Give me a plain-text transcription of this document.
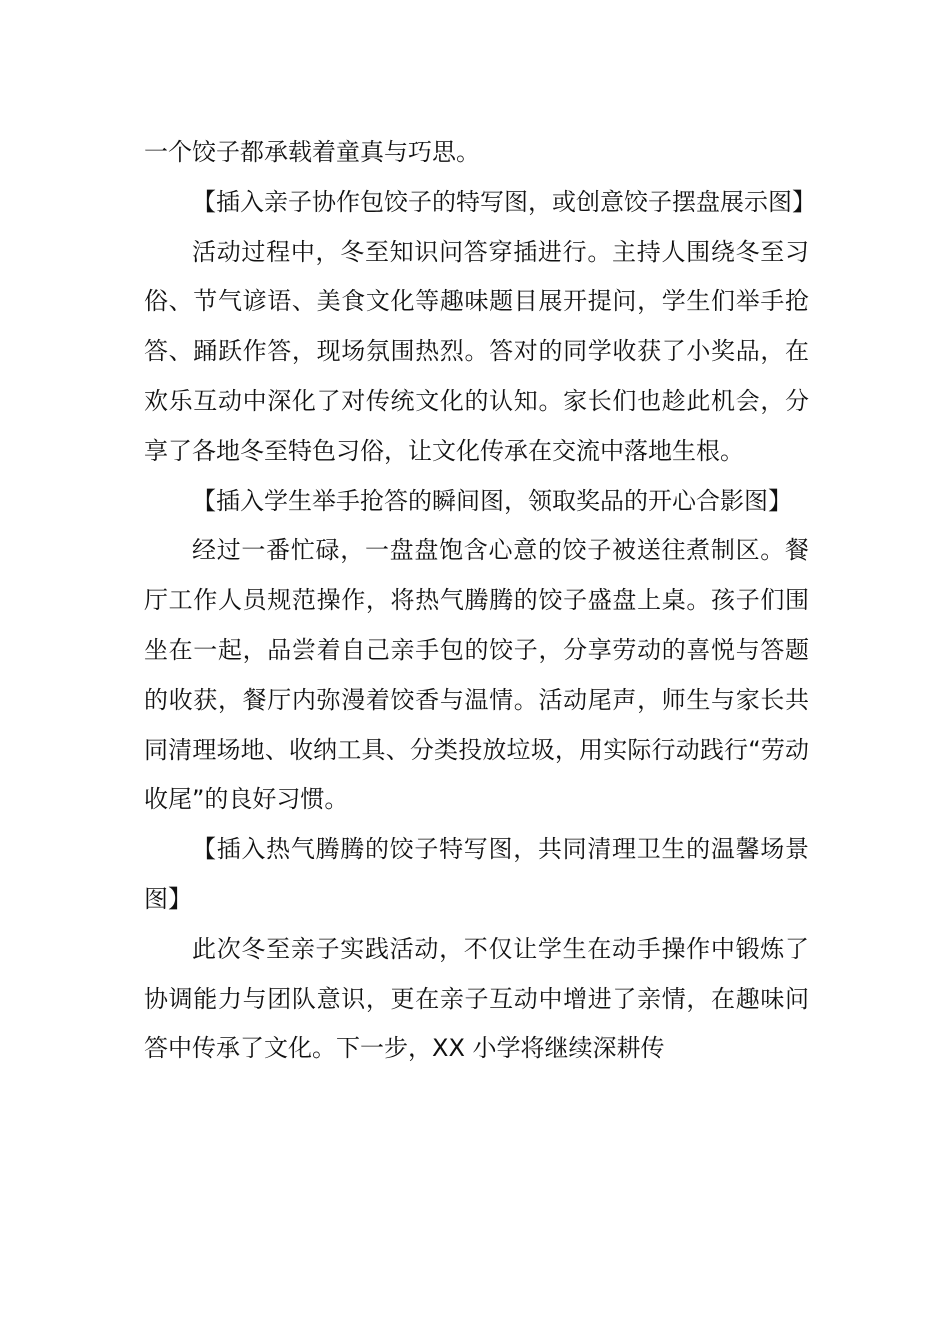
一个饺子都承载着童真与巧思。

【插入亲子协作包饺子的特写图，或创意饺子摆盘展示图】

活动过程中，冬至知识问答穿插进行。主持人围绕冬至习俗、节气谚语、美食文化等趣味题目展开提问，学生们举手抢答、踊跃作答，现场氛围热烈。答对的同学收获了小奖品，在欢乐互动中深化了对传统文化的认知。家长们也趁此机会，分享了各地冬至特色习俗，让文化传承在交流中落地生根。

【插入学生举手抢答的瞬间图，领取奖品的开心合影图】

经过一番忙碌，一盘盘饱含心意的饺子被送往煮制区。餐厅工作人员规范操作，将热气腾腾的饺子盛盘上桌。孩子们围坐在一起，品尝着自己亲手包的饺子，分享劳动的喜悦与答题的收获，餐厅内弥漫着饺香与温情。活动尾声，师生与家长共同清理场地、收纳工具、分类投放垃圾，用实际行动践行“劳动收尾”的良好习惯。

【插入热气腾腾的饺子特写图，共同清理卫生的温馨场景图】

此次冬至亲子实践活动，不仅让学生在动手操作中锻炼了协调能力与团队意识，更在亲子互动中增进了亲情，在趣味问答中传承了文化。下一步，XX 小学将继续深耕传
